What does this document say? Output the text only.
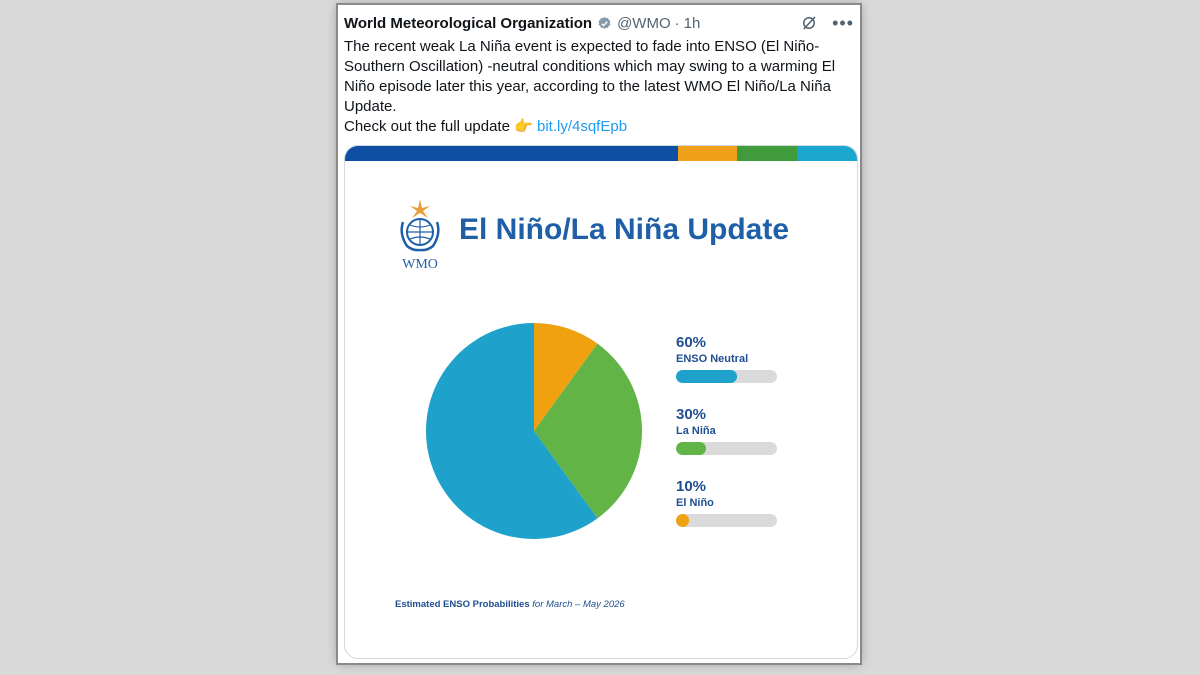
World Meteorological Organization @WMO · 1h	•••

The recent weak La Niña event is expected to fade into ENSO (El Niño-

Southern Oscillation) -neutral conditions which may swing to a warming El

Niño episode later this year, according to the latest WMO El Niño/La Niña

Update.

Check out the full update 👉 bit.ly/4sqfEpb

WMO
El Niño/La Niña Update
60%
ENSO Neutral
30%
La Niña
10%
El Niño
Estimated ENSO Probabilities for March – May 2026
